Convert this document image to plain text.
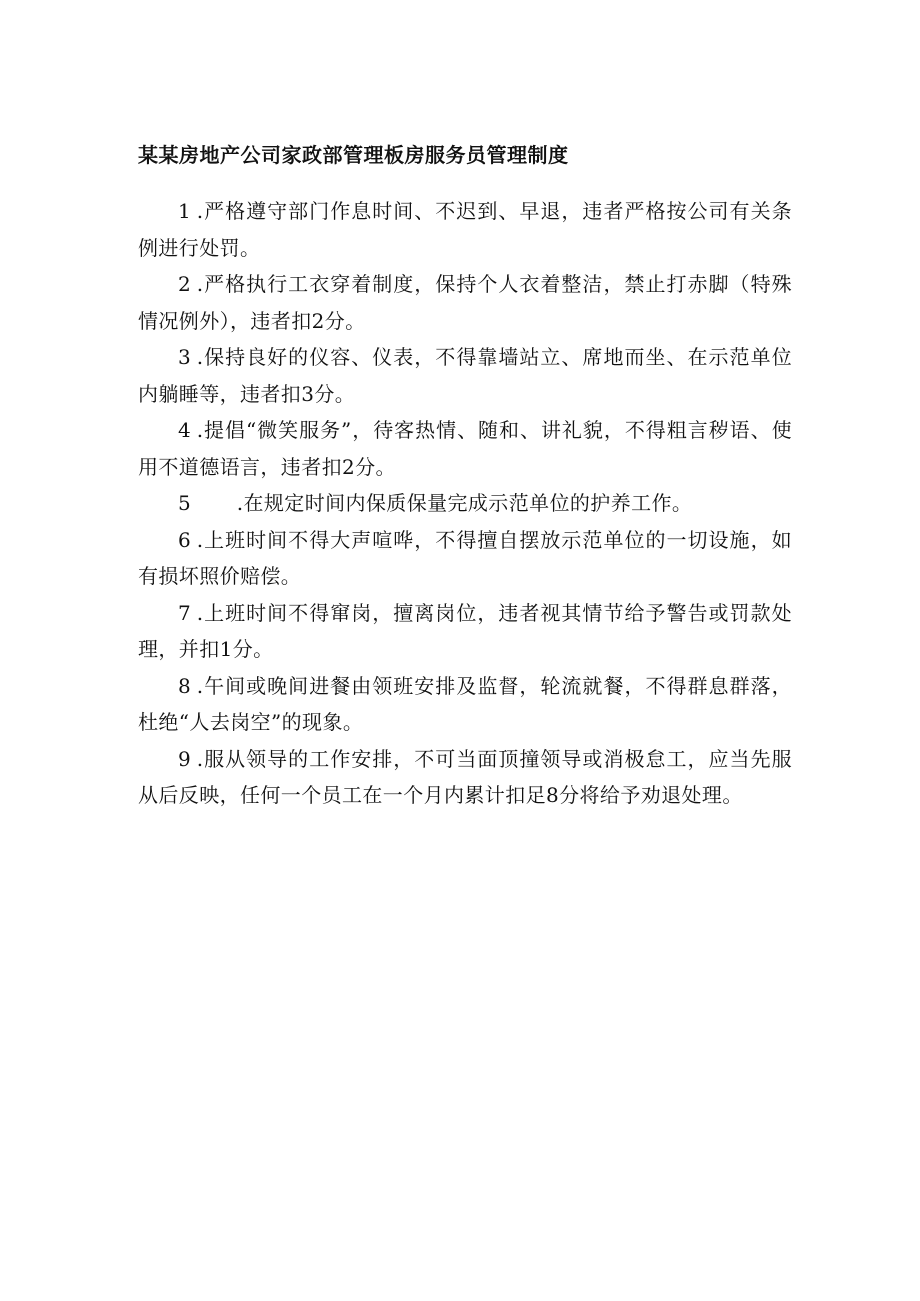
某某房地产公司家政部管理板房服务员管理制度

1.严格遵守部门作息时间、不迟到、早退，违者严格按公司有关条例进行处罚。

2.严格执行工衣穿着制度，保持个人衣着整洁，禁止打赤脚（特殊情况例外），违者扣2分。

3.保持良好的仪容、仪表，不得靠墙站立、席地而坐、在示范单位内躺睡等，违者扣3分。

4.提倡“微笑服务”，待客热情、随和、讲礼貌，不得粗言秽语、使用不道德语言，违者扣2分。

5 .在规定时间内保质保量完成示范单位的护养工作。

6.上班时间不得大声喧哗，不得擅自摆放示范单位的一切设施，如有损坏照价赔偿。

7.上班时间不得窜岗，擅离岗位，违者视其情节给予警告或罚款处理，并扣1分。

8.午间或晚间进餐由领班安排及监督，轮流就餐，不得群息群落，杜绝“人去岗空”的现象。

9.服从领导的工作安排，不可当面顶撞领导或消极怠工，应当先服从后反映，任何一个员工在一个月内累计扣足8分将给予劝退处理。
